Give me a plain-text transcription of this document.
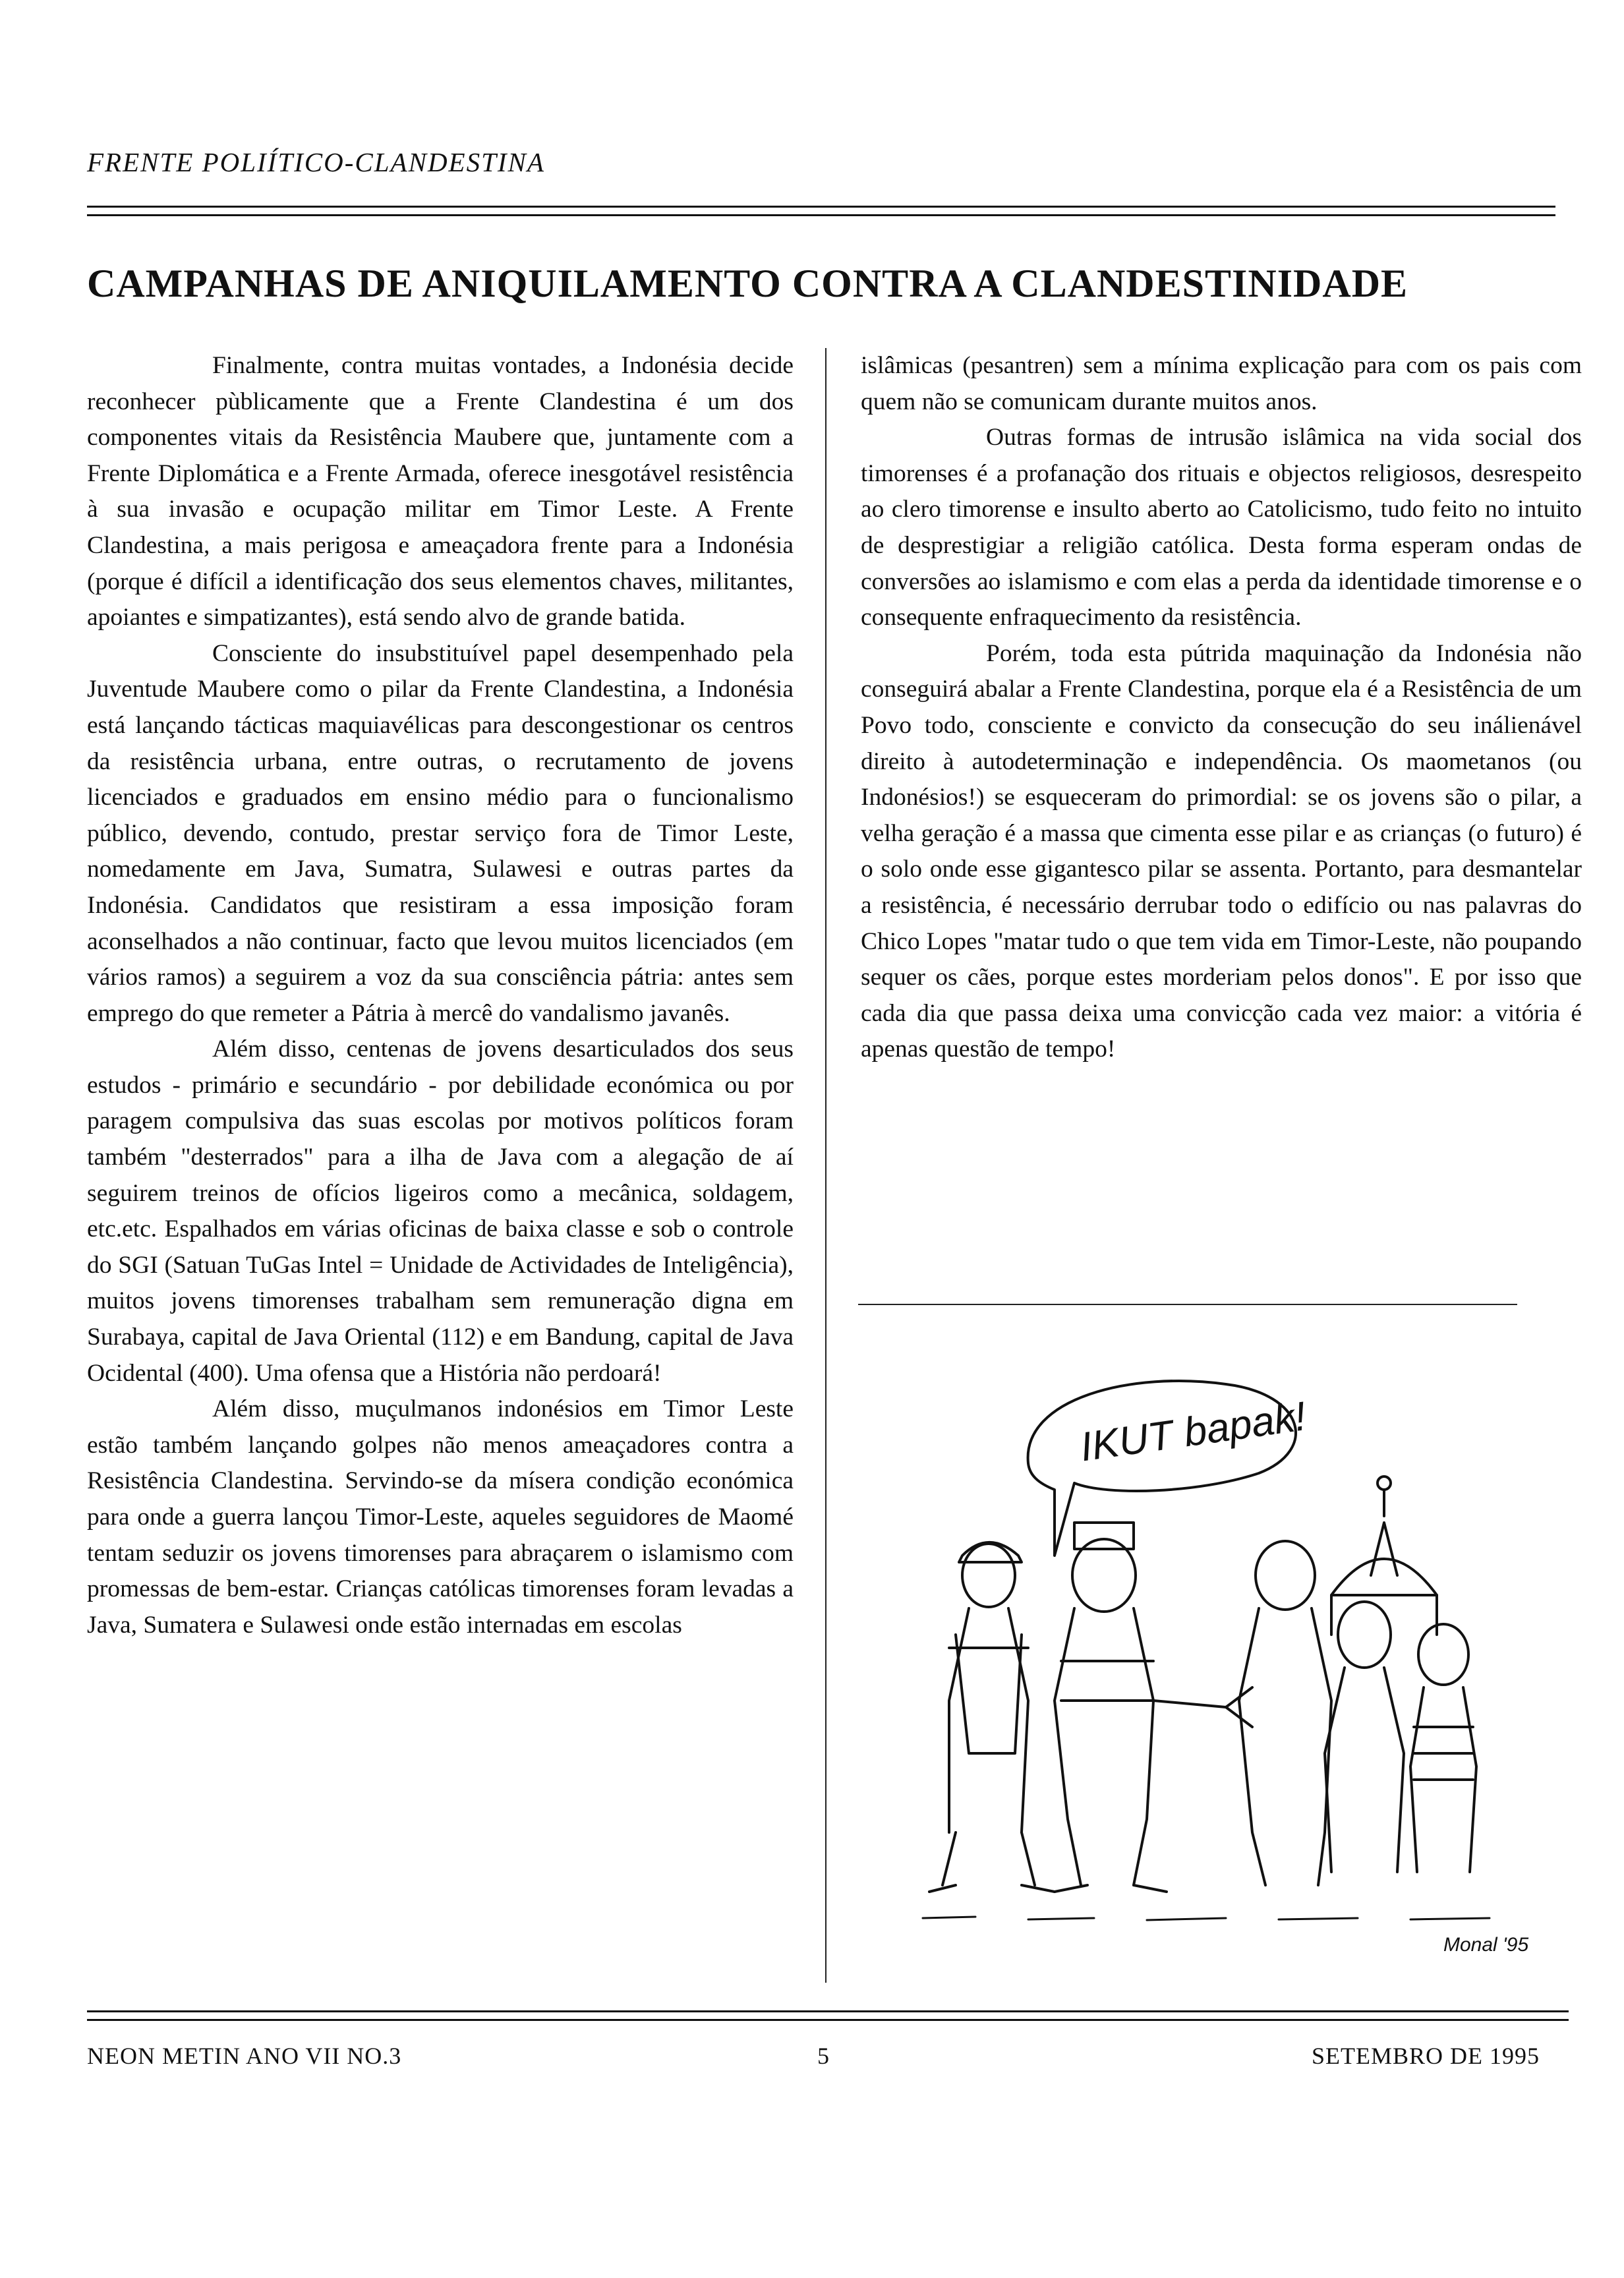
FRENTE POLIÍTICO-CLANDESTINA
CAMPANHAS DE ANIQUILAMENTO CONTRA A CLANDESTINIDADE

Finalmente, contra muitas vontades, a Indonésia decide reconhecer pùblicamente que a Frente Clandestina é um dos componentes vitais da Resistência Maubere que, juntamente com a Frente Diplomática e a Frente Armada, oferece inesgotável resistência à sua invasão e ocupação militar em Timor Leste. A Frente Clandestina, a mais perigosa e ameaçadora frente para a Indonésia (porque é difícil a identificação dos seus elementos chaves, militantes, apoiantes e simpatizantes), está sendo alvo de grande batida.

Consciente do insubstituível papel desempenhado pela Juventude Maubere como o pilar da Frente Clandestina, a Indonésia está lançando tácticas maquiavélicas para descongestionar os centros da resistência urbana, entre outras, o recrutamento de jovens licenciados e graduados em ensino médio para o funcionalismo público, devendo, contudo, prestar serviço fora de Timor Leste, nomedamente em Java, Sumatra, Sulawesi e outras partes da Indonésia. Candidatos que resistiram a essa imposição foram aconselhados a não continuar, facto que levou muitos licenciados (em vários ramos) a seguirem a voz da sua consciência pátria: antes sem emprego do que remeter a Pátria à mercê do vandalismo javanês.

Além disso, centenas de jovens desarticulados dos seus estudos - primário e secundário - por debilidade económica ou por paragem compulsiva das suas escolas por motivos políticos foram também "desterrados" para a ilha de Java com a alegação de aí seguirem treinos de ofícios ligeiros como a mecânica, soldagem, etc.etc. Espalhados em várias oficinas de baixa classe e sob o controle do SGI (Satuan TuGas Intel = Unidade de Actividades de Inteligência), muitos jovens timorenses trabalham sem remuneração digna em Surabaya, capital de Java Oriental (112) e em Bandung, capital de Java Ocidental (400). Uma ofensa que a História não perdoará!

Além disso, muçulmanos indonésios em Timor Leste estão também lançando golpes não menos ameaçadores contra a Resistência Clandestina. Servindo-se da mísera condição económica para onde a guerra lançou Timor-Leste, aqueles seguidores de Maomé tentam seduzir os jovens timorenses para abraçarem o islamismo com promessas de bem-estar. Crianças católicas timorenses foram levadas a Java, Sumatera e Sulawesi onde estão internadas em escolas

islâmicas (pesantren) sem a mínima explicação para com os pais com quem não se comunicam durante muitos anos.

Outras formas de intrusão islâmica na vida social dos timorenses é a profanação dos rituais e objectos religiosos, desrespeito ao clero timorense e insulto aberto ao Catolicismo, tudo feito no intuito de desprestigiar a religião católica. Desta forma esperam ondas de conversões ao islamismo e com elas a perda da identidade timorense e o consequente enfraquecimento da resistência.

Porém, toda esta pútrida maquinação da Indonésia não conseguirá abalar a Frente Clandestina, porque ela é a Resistência de um Povo todo, consciente e convicto da consecução do seu inálienável direito à autodeterminação e independência. Os maometanos (ou Indonésios!) se esqueceram do primordial: se os jovens são o pilar, a velha geração é a massa que cimenta esse pilar e as crianças (o futuro) é o solo onde esse gigantesco pilar se assenta. Portanto, para desmantelar a resistência, é necessário derrubar todo o edifício ou nas palavras do Chico Lopes "matar tudo o que tem vida em Timor-Leste, não poupando sequer os cães, porque estes morderiam pelos donos". E por isso que cada dia que passa deixa uma convicção cada vez maior: a vitória é apenas questão de tempo!

IKUT bapak!
Monal '95
NEON METIN ANO VII NO.3	5	SETEMBRO DE 1995
